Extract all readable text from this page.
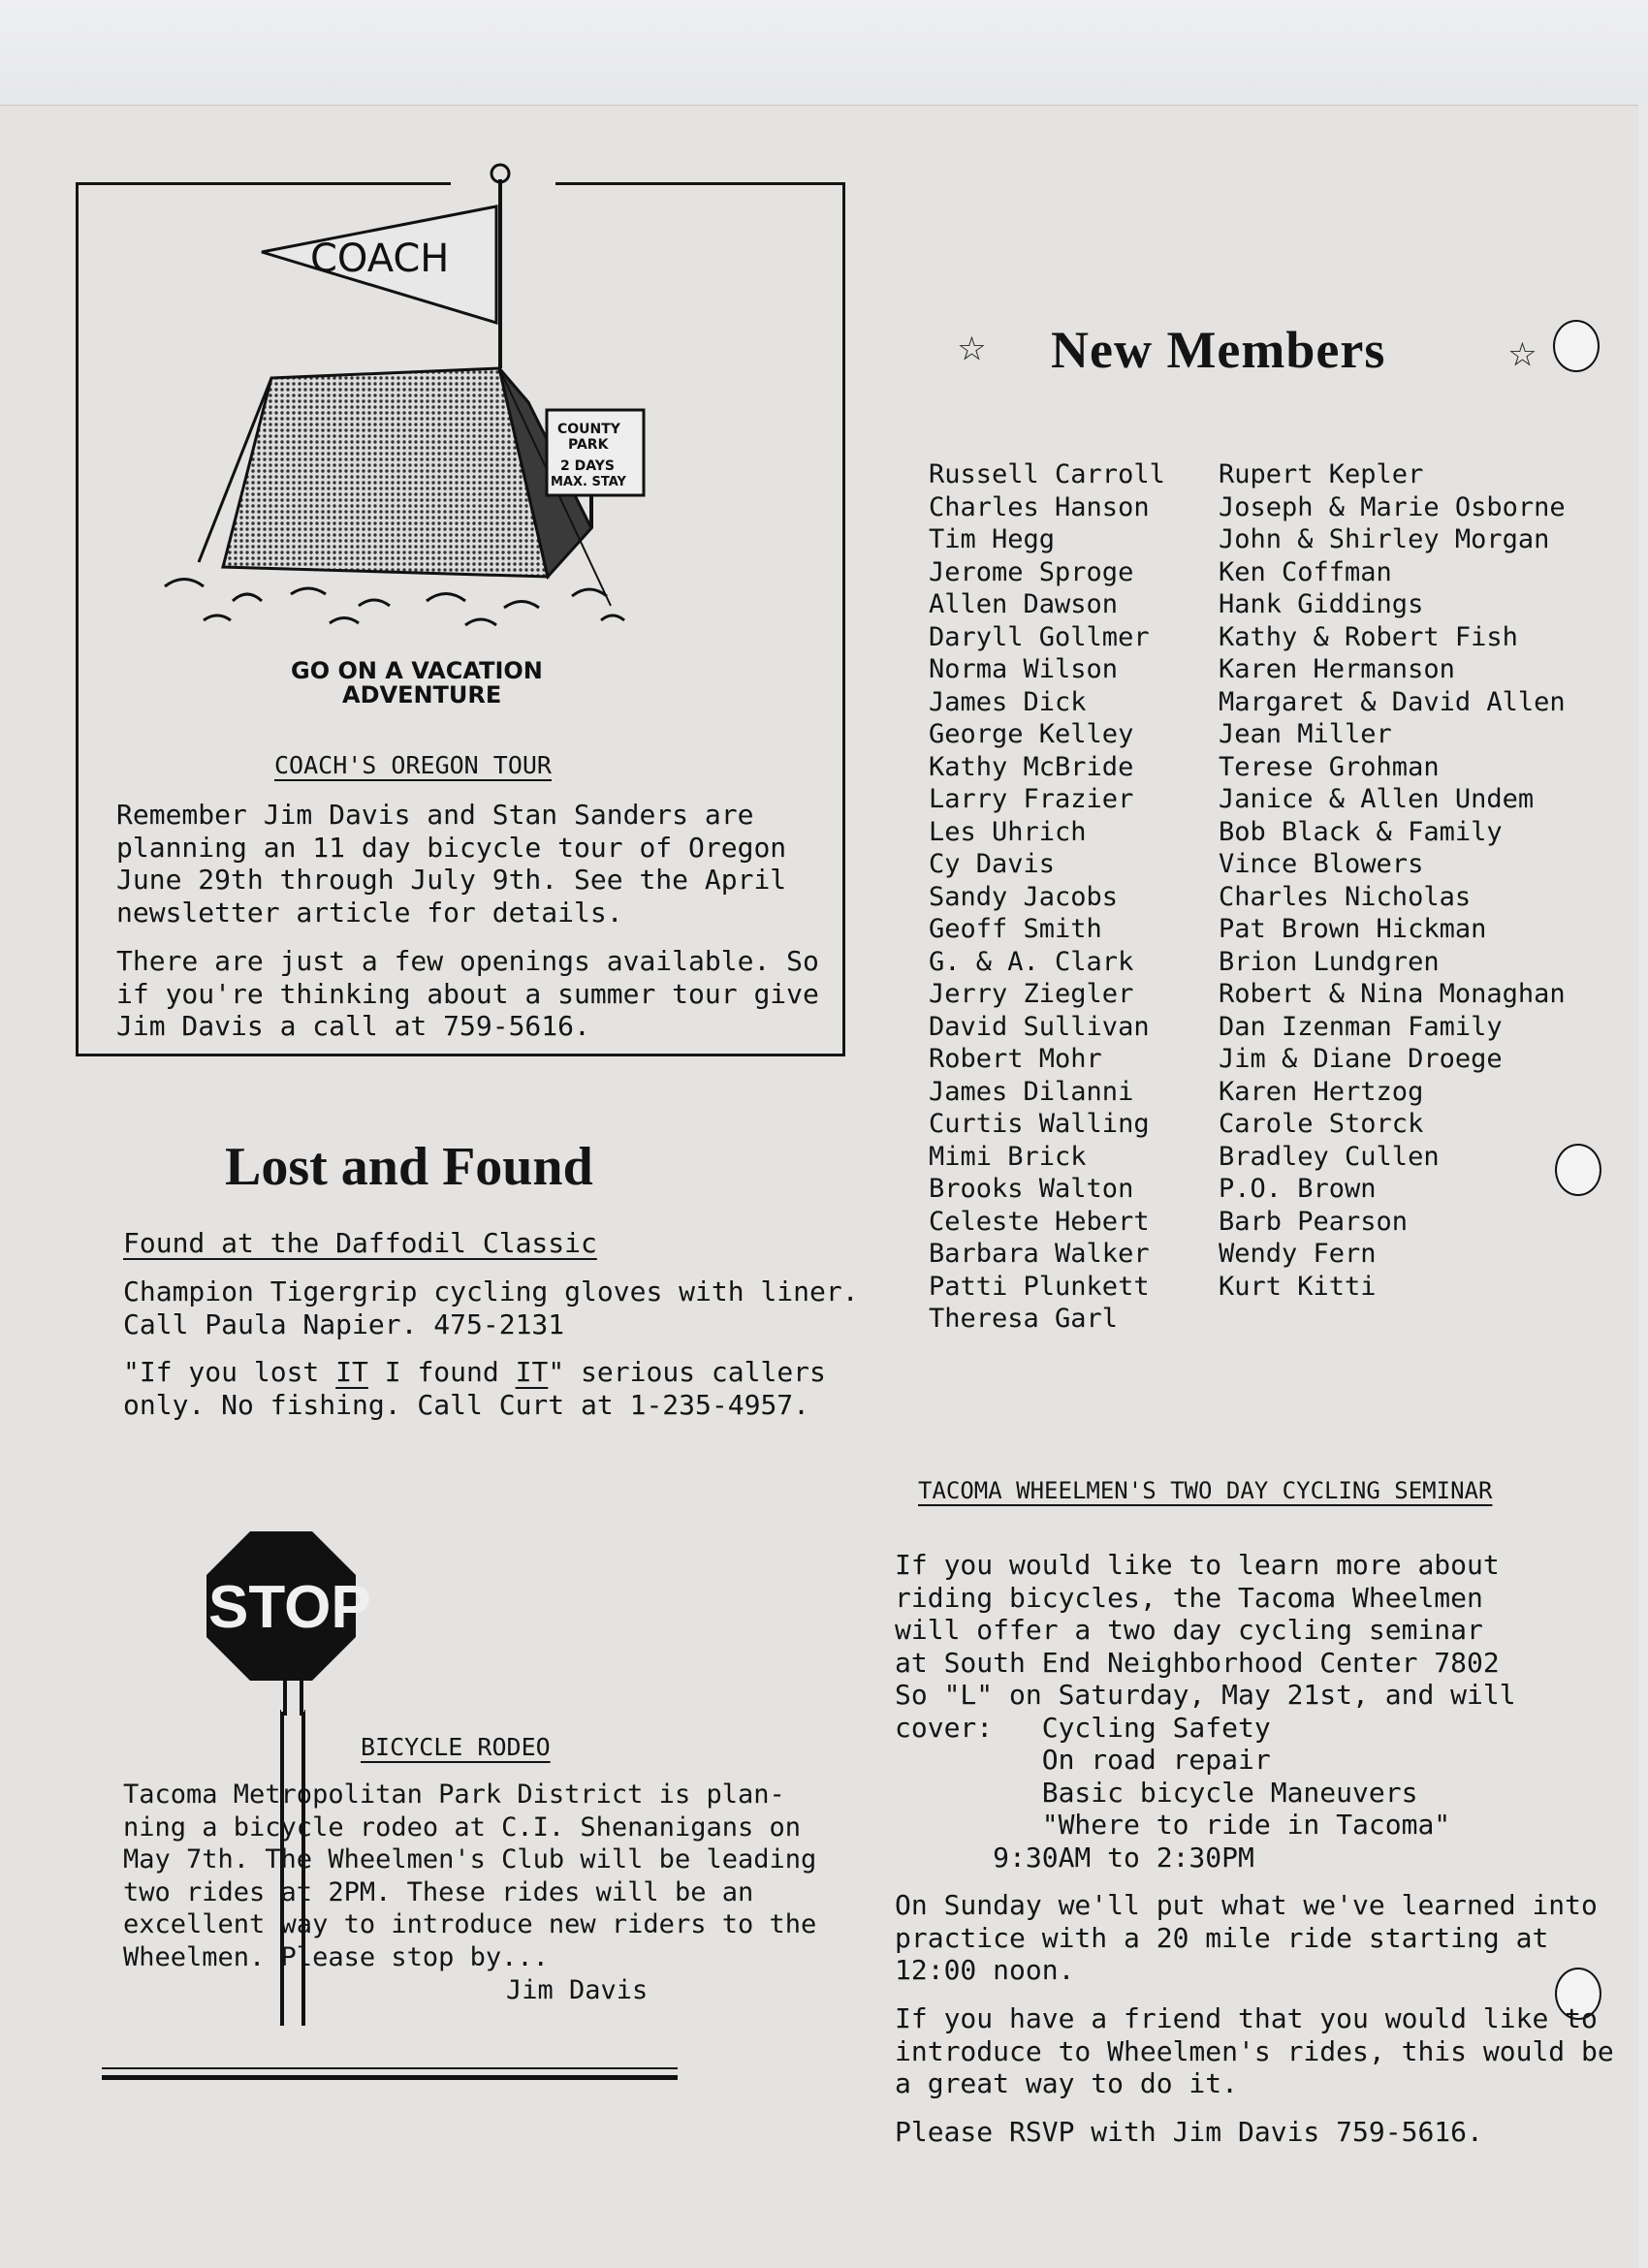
COACH
COUNTY
PARK
2 DAYS
MAX. STAY
GO ON A VACATION
ADVENTURE
COACH'S OREGON TOUR

Remember Jim Davis and Stan Sanders are planning an 11 day bicycle tour of Oregon June 29th through July 9th. See the April newsletter article for details.

There are just a few openings available. So if you're thinking about a summer tour give Jim Davis a call at 759-5616.

☆ New Members	☆
Russell Carroll
Charles Hanson
Tim Hegg
Jerome Sproge
Allen Dawson
Daryll Gollmer
Norma Wilson
James Dick
George Kelley
Kathy McBride
Larry Frazier
Les Uhrich
Cy Davis
Sandy Jacobs
Geoff Smith
G. & A. Clark
Jerry Ziegler
David Sullivan
Robert Mohr
James Dilanni
Curtis Walling
Mimi Brick
Brooks Walton
Celeste Hebert
Barbara Walker
Patti Plunkett
Theresa Garl
Rupert Kepler
Joseph & Marie Osborne
John & Shirley Morgan
Ken Coffman
Hank Giddings
Kathy & Robert Fish
Karen Hermanson
Margaret & David Allen
Jean Miller
Terese Grohman
Janice & Allen Undem
Bob Black & Family
Vince Blowers
Charles Nicholas
Pat Brown Hickman
Brion Lundgren
Robert & Nina Monaghan
Dan Izenman Family
Jim & Diane Droege
Karen Hertzog
Carole Storck
Bradley Cullen
P.O. Brown
Barb Pearson
Wendy Fern
Kurt Kitti
Lost and Found
Found at the Daffodil Classic

Champion Tigergrip cycling gloves with liner. Call Paula Napier. 475-2131

"If you lost IT I found IT" serious callers only. No fishing. Call Curt at 1-235-4957.

STOP
BICYCLE RODEO

Tacoma Metropolitan Park District is plan- ning a bicycle rodeo at C.I. Shenanigans on May 7th. The Wheelmen's Club will be leading two rides at 2PM. These rides will be an excellent way to introduce new riders to the Wheelmen. Please stop by...

Jim Davis
TACOMA WHEELMEN'S TWO DAY CYCLING SEMINAR

If you would like to learn more about
riding bicycles, the Tacoma Wheelmen
will offer a two day cycling seminar
at South End Neighborhood Center 7802
So "L" on Saturday, May 21st, and will
cover:   Cycling Safety
On road repair
Basic bicycle Maneuvers
"Where to ride in Tacoma"
9:30AM to 2:30PM

On Sunday we'll put what we've learned into practice with a 20 mile ride starting at 12:00 noon.

If you have a friend that you would like to introduce to Wheelmen's rides, this would be a great way to do it.

Please RSVP with Jim Davis 759-5616.
